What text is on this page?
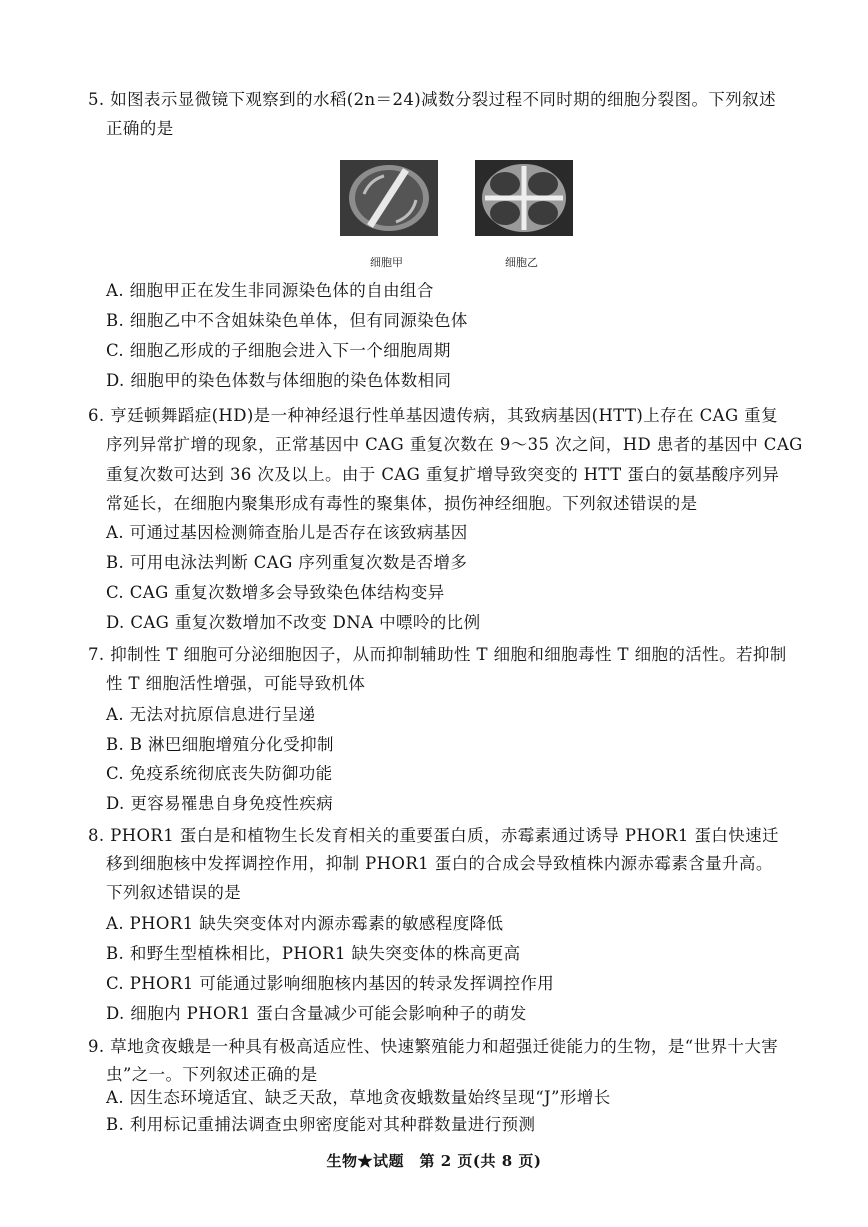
5. 如图表示显微镜下观察到的水稻(2n＝24)减数分裂过程不同时期的细胞分裂图。下列叙述
正确的是
细胞甲	细胞乙
A. 细胞甲正在发生非同源染色体的自由组合
B. 细胞乙中不含姐妹染色单体，但有同源染色体
C. 细胞乙形成的子细胞会进入下一个细胞周期
D. 细胞甲的染色体数与体细胞的染色体数相同
6. 亨廷顿舞蹈症(HD)是一种神经退行性单基因遗传病，其致病基因(HTT)上存在 CAG 重复
序列异常扩增的现象，正常基因中 CAG 重复次数在 9～35 次之间，HD 患者的基因中 CAG
重复次数可达到 36 次及以上。由于 CAG 重复扩增导致突变的 HTT 蛋白的氨基酸序列异
常延长，在细胞内聚集形成有毒性的聚集体，损伤神经细胞。下列叙述错误的是
A. 可通过基因检测筛查胎儿是否存在该致病基因
B. 可用电泳法判断 CAG 序列重复次数是否增多
C. CAG 重复次数增多会导致染色体结构变异
D. CAG 重复次数增加不改变 DNA 中嘌呤的比例
7. 抑制性 T 细胞可分泌细胞因子，从而抑制辅助性 T 细胞和细胞毒性 T 细胞的活性。若抑制
性 T 细胞活性增强，可能导致机体
A. 无法对抗原信息进行呈递
B. B 淋巴细胞增殖分化受抑制
C. 免疫系统彻底丧失防御功能
D. 更容易罹患自身免疫性疾病
8. PHOR1 蛋白是和植物生长发育相关的重要蛋白质，赤霉素通过诱导 PHOR1 蛋白快速迁
移到细胞核中发挥调控作用，抑制 PHOR1 蛋白的合成会导致植株内源赤霉素含量升高。
下列叙述错误的是
A. PHOR1 缺失突变体对内源赤霉素的敏感程度降低
B. 和野生型植株相比，PHOR1 缺失突变体的株高更高
C. PHOR1 可能通过影响细胞核内基因的转录发挥调控作用
D. 细胞内 PHOR1 蛋白含量减少可能会影响种子的萌发
9. 草地贪夜蛾是一种具有极高适应性、快速繁殖能力和超强迁徙能力的生物，是“世界十大害
虫”之一。下列叙述正确的是
A. 因生态环境适宜、缺乏天敌，草地贪夜蛾数量始终呈现“J”形增长
B. 利用标记重捕法调查虫卵密度能对其种群数量进行预测
生物★试题　第 2 页(共 8 页)
